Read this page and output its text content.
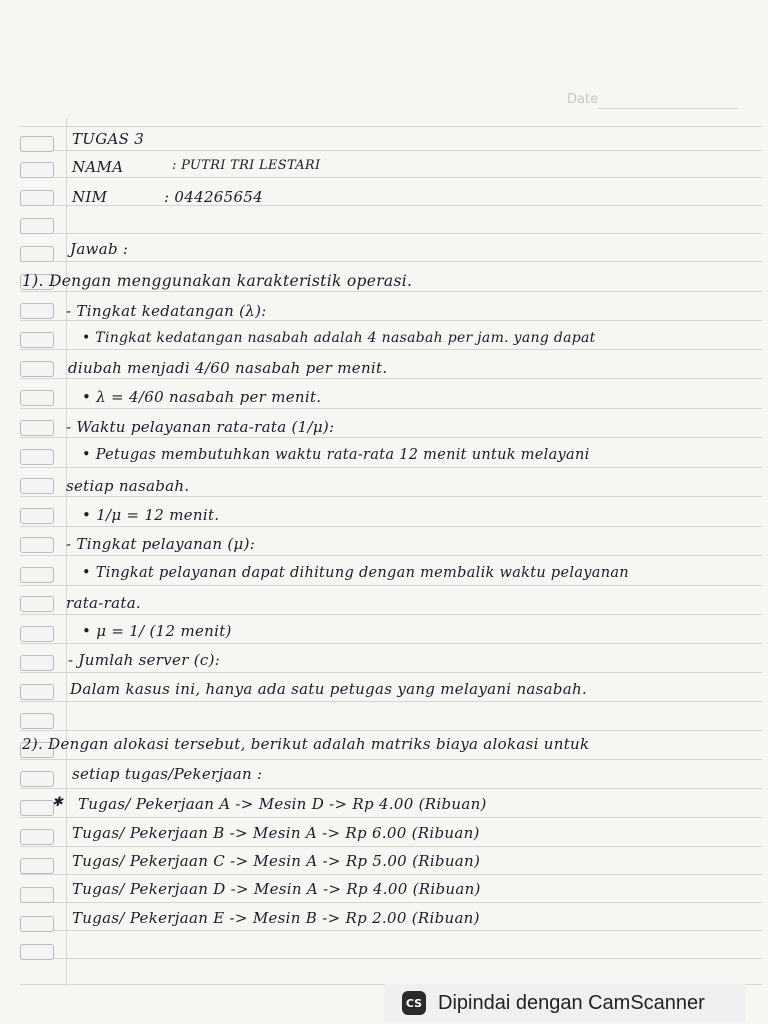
Date
TUGAS 3
NAMA	: PUTRI TRI LESTARI
NIM	: 044265654
Jawab :
1). Dengan menggunakan karakteristik operasi.
- Tingkat kedatangan (λ):
• Tingkat kedatangan nasabah adalah 4 nasabah per jam. yang dapat
diubah menjadi 4/60 nasabah per menit.
• λ = 4/60 nasabah per menit.
- Waktu pelayanan rata-rata (1/μ):
• Petugas membutuhkan waktu rata-rata 12 menit untuk melayani
setiap nasabah.
• 1/μ = 12 menit.
- Tingkat pelayanan (μ):
• Tingkat pelayanan dapat dihitung dengan membalik waktu pelayanan
rata-rata.
• μ = 1/ (12 menit)
- Jumlah server (c):
Dalam kasus ini, hanya ada satu petugas yang melayani nasabah.
2). Dengan alokasi tersebut, berikut adalah matriks biaya alokasi untuk
setiap tugas/Pekerjaan :
✱ Tugas/ Pekerjaan A -> Mesin D -> Rp 4.00 (Ribuan)
Tugas/ Pekerjaan B -> Mesin A -> Rp 6.00 (Ribuan)
Tugas/ Pekerjaan C -> Mesin A -> Rp 5.00 (Ribuan)
Tugas/ Pekerjaan D -> Mesin A -> Rp 4.00 (Ribuan)
Tugas/ Pekerjaan E -> Mesin B -> Rp 2.00 (Ribuan)
CS Dipindai dengan CamScanner
